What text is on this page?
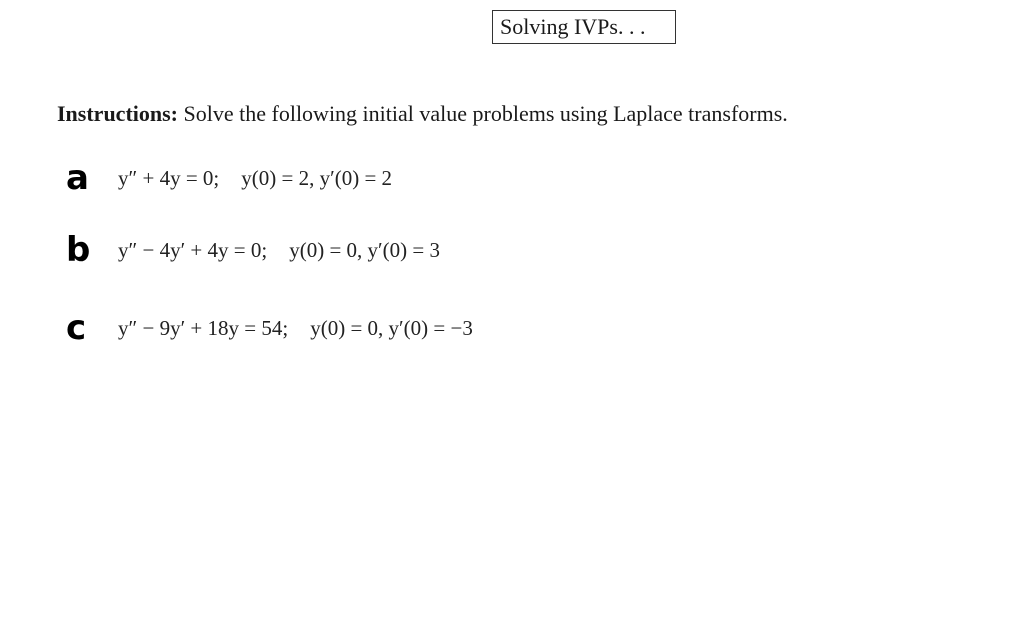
Solving IVPs. . .
Instructions: Solve the following initial value problems using Laplace transforms.
a	y″ + 4y = 0; y(0) = 2, y′(0) = 2
b	y″ − 4y′ + 4y = 0; y(0) = 0, y′(0) = 3
c	y″ − 9y′ + 18y = 54; y(0) = 0, y′(0) = −3
